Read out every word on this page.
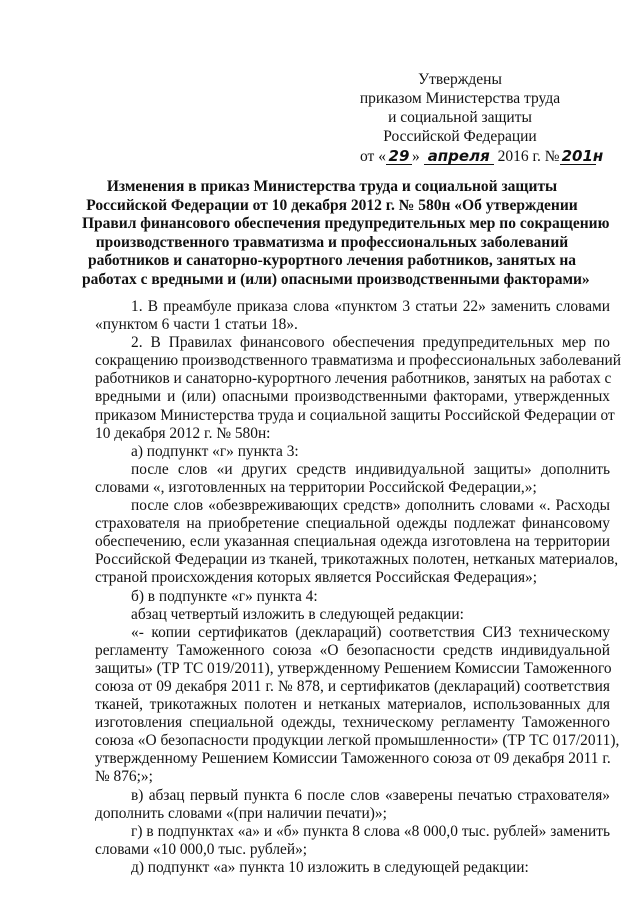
Утверждены
приказом Министерства труда
и социальной защиты
Российской Федерации
от « 29 » апреля 2016 г. № 201н
Изменения в приказ Министерства труда и социальной защиты
Российской Федерации от 10 декабря 2012 г. № 580н «Об утверждении
Правил финансового обеспечения предупредительных мер по сокращению
производственного травматизма и профессиональных заболеваний
работников и санаторно-курортного лечения работников, занятых на
работах с вредными и (или) опасными производственными факторами»
1. В преамбуле приказа слова «пунктом 3 статьи 22» заменить словами
«пунктом 6 части 1 статьи 18».
2. В Правилах финансового обеспечения предупредительных мер по
сокращению производственного травматизма и профессиональных заболеваний
работников и санаторно-курортного лечения работников, занятых на работах с
вредными и (или) опасными производственными факторами, утвержденных
приказом Министерства труда и социальной защиты Российской Федерации от
10 декабря 2012 г. № 580н:
а) подпункт «г» пункта 3:
после слов «и других средств индивидуальной защиты» дополнить
словами «, изготовленных на территории Российской Федерации,»;
после слов «обезвреживающих средств» дополнить словами «. Расходы
страхователя на приобретение специальной одежды подлежат финансовому
обеспечению, если указанная специальная одежда изготовлена на территории
Российской Федерации из тканей, трикотажных полотен, нетканых материалов,
страной происхождения которых является Российская Федерация»;
б) в подпункте «г» пункта 4:
абзац четвертый изложить в следующей редакции:
«- копии сертификатов (деклараций) соответствия СИЗ техническому
регламенту Таможенного союза «О безопасности средств индивидуальной
защиты» (ТР ТС 019/2011), утвержденному Решением Комиссии Таможенного
союза от 09 декабря 2011 г. № 878, и сертификатов (деклараций) соответствия
тканей, трикотажных полотен и нетканых материалов, использованных для
изготовления специальной одежды, техническому регламенту Таможенного
союза «О безопасности продукции легкой промышленности» (ТР ТС 017/2011),
утвержденному Решением Комиссии Таможенного союза от 09 декабря 2011 г.
№ 876;»;
в) абзац первый пункта 6 после слов «заверены печатью страхователя»
дополнить словами «(при наличии печати)»;
г) в подпунктах «а» и «б» пункта 8 слова «8 000,0 тыс. рублей» заменить
словами «10 000,0 тыс. рублей»;
д) подпункт «а» пункта 10 изложить в следующей редакции:
